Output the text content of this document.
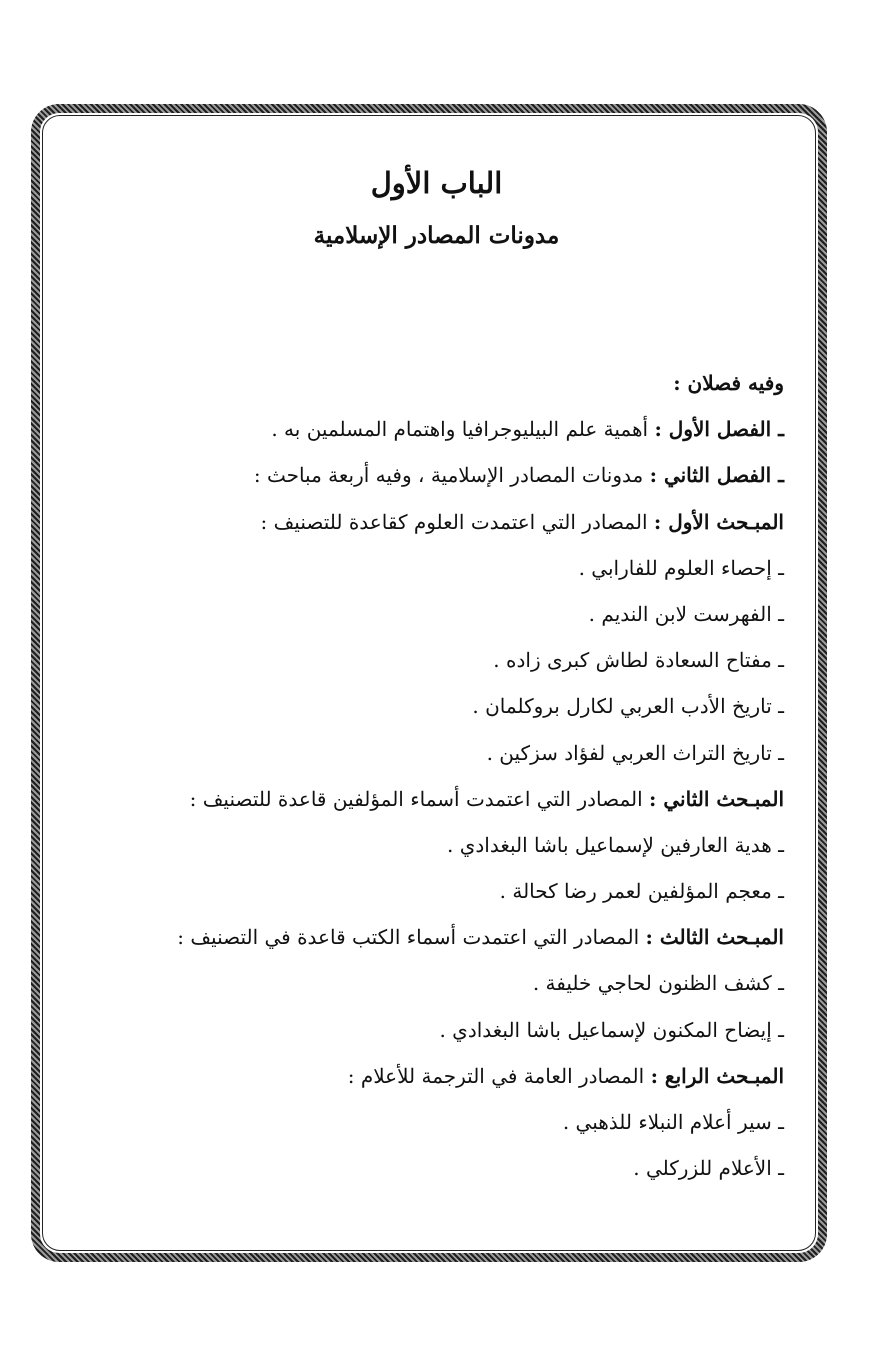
الباب الأول
مدونات المصادر الإسلامية
وفيه فصلان :
ـ الفصل الأول : أهمية علم البيليوجرافيا واهتمام المسلمين به .
ـ الفصل الثاني : مدونات المصادر الإسلامية ، وفيه أربعة مباحث :
المبـحث الأول : المصادر التي اعتمدت العلوم كقاعدة للتصنيف :
ـ إحصاء العلوم للفارابي .
ـ الفهرست لابن النديم .
ـ مفتاح السعادة لطاش كبرى زاده .
ـ تاريخ الأدب العربي لكارل بروكلمان .
ـ تاريخ التراث العربي لفؤاد سزكين .
المبـحث الثاني : المصادر التي اعتمدت أسماء المؤلفين قاعدة للتصنيف :
ـ هدية العارفين لإسماعيل باشا البغدادي .
ـ معجم المؤلفين لعمر رضا كحالة .
المبـحث الثالث : المصادر التي اعتمدت أسماء الكتب قاعدة في التصنيف :
ـ كشف الظنون لحاجي خليفة .
ـ إيضاح المكنون لإسماعيل باشا البغدادي .
المبـحث الرابع : المصادر العامة في الترجمة للأعلام :
ـ سير أعلام النبلاء للذهبي .
ـ الأعلام للزركلي .
